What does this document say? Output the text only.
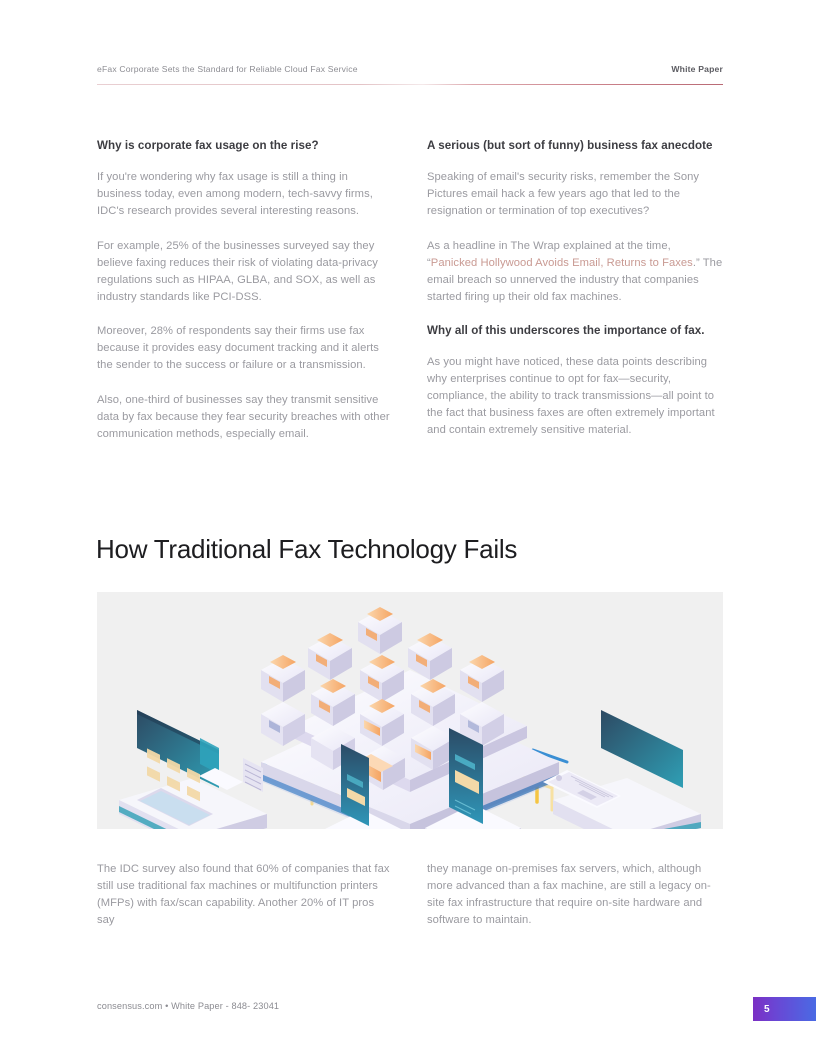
eFax Corporate Sets the Standard for Reliable Cloud Fax Service	White Paper
Why is corporate fax usage on the rise?

If you're wondering why fax usage is still a thing in business today, even among modern, tech-savvy firms, IDC's research provides several interesting reasons.

For example, 25% of the businesses surveyed say they believe faxing reduces their risk of violating data-privacy regulations such as HIPAA, GLBA, and SOX, as well as industry standards like PCI-DSS.

Moreover, 28% of respondents say their firms use fax because it provides easy document tracking and it alerts the sender to the success or failure or a transmission.

Also, one-third of businesses say they transmit sensitive data by fax because they fear security breaches with other communication methods, especially email.

A serious (but sort of funny) business fax anecdote

Speaking of email's security risks, remember the Sony Pictures email hack a few years ago that led to the resignation or termination of top executives?

As a headline in The Wrap explained at the time, “Panicked Hollywood Avoids Email, Returns to Faxes.” The email breach so unnerved the industry that companies started firing up their old fax machines.

Why all of this underscores the importance of fax.

As you might have noticed, these data points describing why enterprises continue to opt for fax—security, compliance, the ability to track transmissions—all point to the fact that business faxes are often extremely important and contain extremely sensitive material.

How Traditional Fax Technology Fails

The IDC survey also found that 60% of companies that fax still use traditional fax machines or multifunction printers (MFPs) with fax/scan capability. Another 20% of IT pros say

they manage on-premises fax servers, which, although more advanced than a fax machine, are still a legacy on-site fax infrastructure that require on-site hardware and software to maintain.

consensus.com • White Paper - 848- 23041	5
